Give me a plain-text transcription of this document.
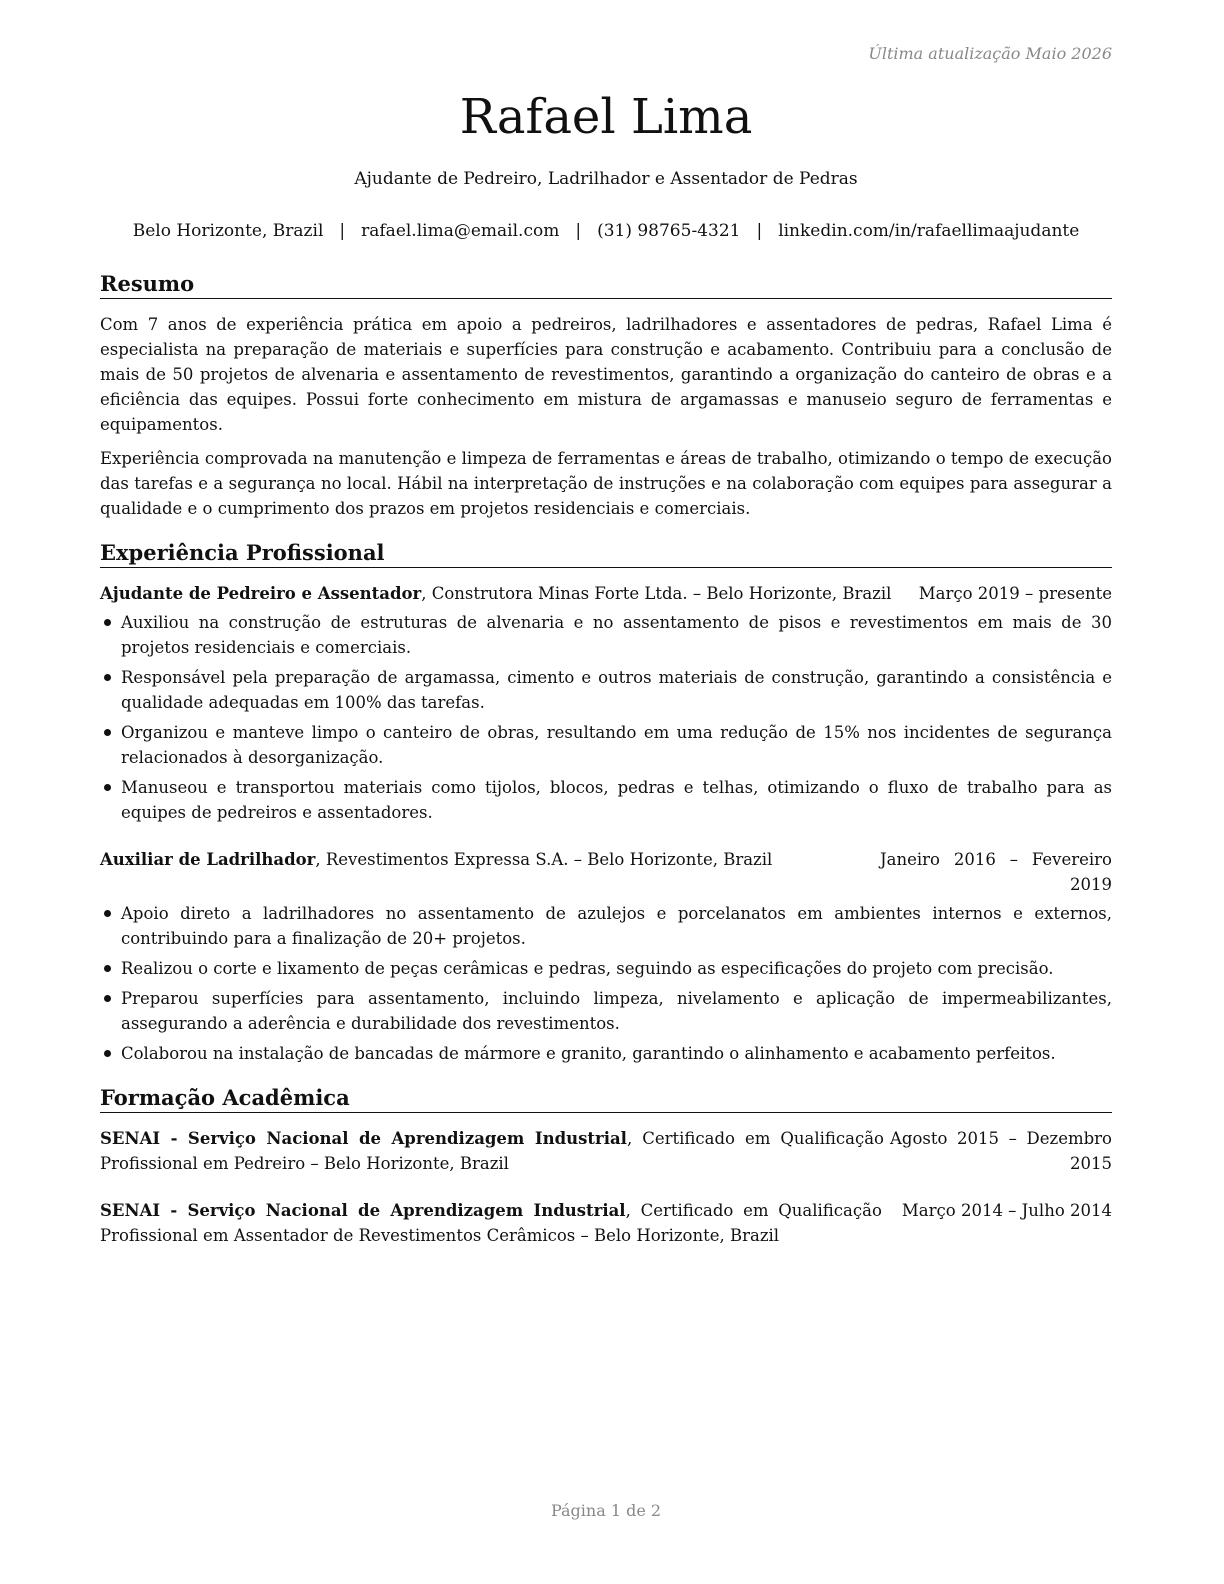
Última atualização Maio 2026
Rafael Lima
Ajudante de Pedreiro, Ladrilhador e Assentador de Pedras
Belo Horizonte, Brazil | rafael.lima@email.com | (31) 98765-4321 | linkedin.com/in/rafaellimaajudante
Resumo

Com 7 anos de experiência prática em apoio a pedreiros, ladrilhadores e assentadores de pedras, Rafael Lima é especialista na preparação de materiais e superfícies para construção e acabamento. Contribuiu para a conclusão de mais de 50 projetos de alvenaria e assentamento de revestimentos, garantindo a organização do canteiro de obras e a eficiência das equipes. Possui forte conhecimento em mistura de argamassas e manuseio seguro de ferramentas e equipamentos.

Experiência comprovada na manutenção e limpeza de ferramentas e áreas de trabalho, otimizando o tempo de execução das tarefas e a segurança no local. Hábil na interpretação de instruções e na colaboração com equipes para assegurar a qualidade e o cumprimento dos prazos em projetos residenciais e comerciais.

Experiência Profissional
Ajudante de Pedreiro e Assentador, Construtora Minas Forte Ltda. – Belo Horizonte, Brazil	Março 2019 – presente
Auxiliou na construção de estruturas de alvenaria e no assentamento de pisos e revestimentos em mais de 30 projetos residenciais e comerciais.
Responsável pela preparação de argamassa, cimento e outros materiais de construção, garantindo a consistência e qualidade adequadas em 100% das tarefas.
Organizou e manteve limpo o canteiro de obras, resultando em uma redução de 15% nos incidentes de segurança relacionados à desorganização.
Manuseou e transportou materiais como tijolos, blocos, pedras e telhas, otimizando o fluxo de trabalho para as equipes de pedreiros e assentadores.
Auxiliar de Ladrilhador, Revestimentos Expressa S.A. – Belo Horizonte, Brazil	Janeiro 2016 – Fevereiro 2019
Apoio direto a ladrilhadores no assentamento de azulejos e porcelanatos em ambientes internos e externos, contribuindo para a finalização de 20+ projetos.
Realizou o corte e lixamento de peças cerâmicas e pedras, seguindo as especificações do projeto com precisão.
Preparou superfícies para assentamento, incluindo limpeza, nivelamento e aplicação de impermeabilizantes, assegurando a aderência e durabilidade dos revestimentos.
Colaborou na instalação de bancadas de mármore e granito, garantindo o alinhamento e acabamento perfeitos.
Formação Acadêmica
SENAI - Serviço Nacional de Aprendizagem Industrial, Certificado em Qualificação Profissional em Pedreiro – Belo Horizonte, Brazil
Agosto 2015 – Dezembro 2015
SENAI - Serviço Nacional de Aprendizagem Industrial, Certificado em Qualificação Profissional em Assentador de Revestimentos Cerâmicos – Belo Horizonte, Brazil
Março 2014 – Julho 2014
Página 1 de 2
